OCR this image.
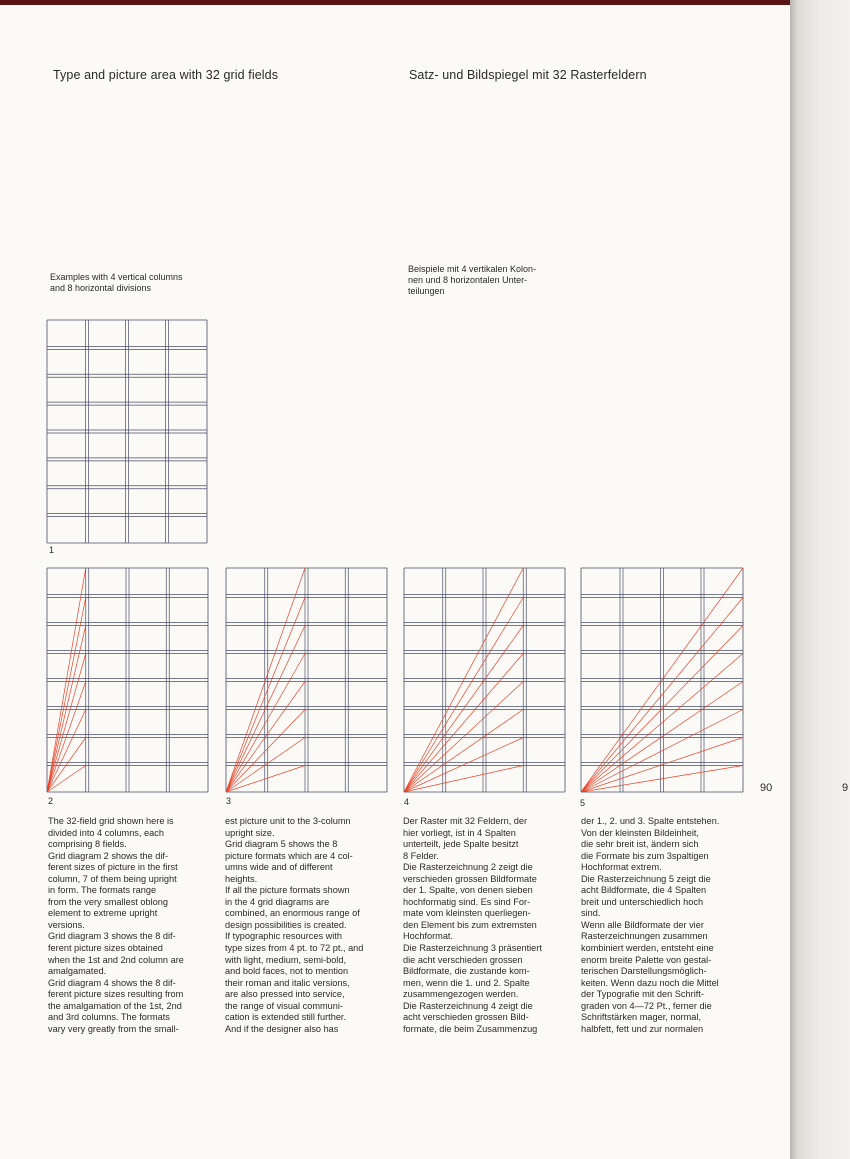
Type and picture area with 32 grid fields	Satz- und Bildspiegel mit 32 Rasterfeldern
Examples with 4 vertical columns
and 8 horizontal divisions
Beispiele mit 4 vertikalen Kolon-
nen und 8 horizontalen Unter-
teilungen
1
2	3	4	5
90	9
The 32-field grid shown here is
divided into 4 columns, each
comprising 8 fields.
Grid diagram 2 shows the dif-
ferent sizes of picture in the first
column, 7 of them being upright
in form. The formats range
from the very smallest oblong
element to extreme upright
versions.
Grid diagram 3 shows the 8 dif-
ferent picture sizes obtained
when the 1st and 2nd column are
amalgamated.
Grid diagram 4 shows the 8 dif-
ferent picture sizes resulting from
the amalgamation of the 1st, 2nd
and 3rd columns. The formats
vary very greatly from the small-
est picture unit to the 3-column
upright size.
Grid diagram 5 shows the 8
picture formats which are 4 col-
umns wide and of different
heights.
If all the picture formats shown
in the 4 grid diagrams are
combined, an enormous range of
design possibilities is created.
If typographic resources with
type sizes from 4 pt. to 72 pt., and
with light, medium, semi-bold,
and bold faces, not to mention
their roman and italic versions,
are also pressed into service,
the range of visual communi-
cation is extended still further.
And if the designer also has
Der Raster mit 32 Feldern, der
hier vorliegt, ist in 4 Spalten
unterteilt, jede Spalte besitzt
8 Felder.
Die Rasterzeichnung 2 zeigt die
verschieden grossen Bildformate
der 1. Spalte, von denen sieben
hochformatig sind. Es sind For-
mate vom kleinsten querliegen-
den Element bis zum extremsten
Hochformat.
Die Rasterzeichnung 3 präsentiert
die acht verschieden grossen
Bildformate, die zustande kom-
men, wenn die 1. und 2. Spalte
zusammengezogen werden.
Die Rasterzeichnung 4 zeigt die
acht verschieden grossen Bild-
formate, die beim Zusammenzug
der 1., 2. und 3. Spalte entstehen.
Von der kleinsten Bildeinheit,
die sehr breit ist, ändern sich
die Formate bis zum 3spaltigen
Hochformat extrem.
Die Rasterzeichnung 5 zeigt die
acht Bildformate, die 4 Spalten
breit und unterschiedlich hoch
sind.
Wenn alle Bildformate der vier
Rasterzeichnungen zusammen
kombiniert werden, entsteht eine
enorm breite Palette von gestal-
terischen Darstellungsmöglich-
keiten. Wenn dazu noch die Mittel
der Typografie mit den Schrift-
graden von 4—72 Pt., ferner die
Schriftstärken mager, normal,
halbfett, fett und zur normalen
